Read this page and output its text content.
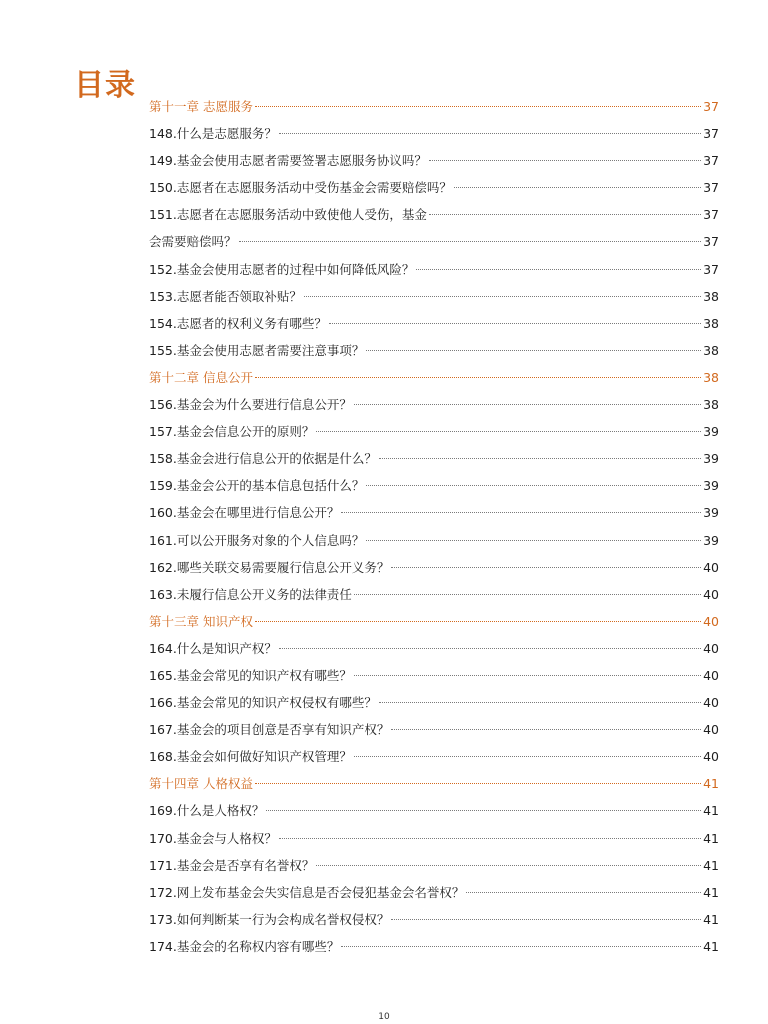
目录
第十一章 志愿服务	37
148.什么是志愿服务？	37
149.基金会使用志愿者需要签署志愿服务协议吗？	37
150.志愿者在志愿服务活动中受伤基金会需要赔偿吗？	37
151.志愿者在志愿服务活动中致使他人受伤，基金	37
会需要赔偿吗？	37
152.基金会使用志愿者的过程中如何降低风险？	37
153.志愿者能否领取补贴？	38
154.志愿者的权利义务有哪些？	38
155.基金会使用志愿者需要注意事项？	38
第十二章 信息公开	38
156.基金会为什么要进行信息公开？	38
157.基金会信息公开的原则？	39
158.基金会进行信息公开的依据是什么？	39
159.基金会公开的基本信息包括什么？	39
160.基金会在哪里进行信息公开？	39
161.可以公开服务对象的个人信息吗？	39
162.哪些关联交易需要履行信息公开义务？	40
163.未履行信息公开义务的法律责任	40
第十三章 知识产权	40
164.什么是知识产权？	40
165.基金会常见的知识产权有哪些？	40
166.基金会常见的知识产权侵权有哪些？	40
167.基金会的项目创意是否享有知识产权？	40
168.基金会如何做好知识产权管理？	40
第十四章 人格权益	41
169.什么是人格权？	41
170.基金会与人格权？	41
171.基金会是否享有名誉权？	41
172.网上发布基金会失实信息是否会侵犯基金会名誉权？	41
173.如何判断某一行为会构成名誉权侵权？	41
174.基金会的名称权内容有哪些？	41
10
